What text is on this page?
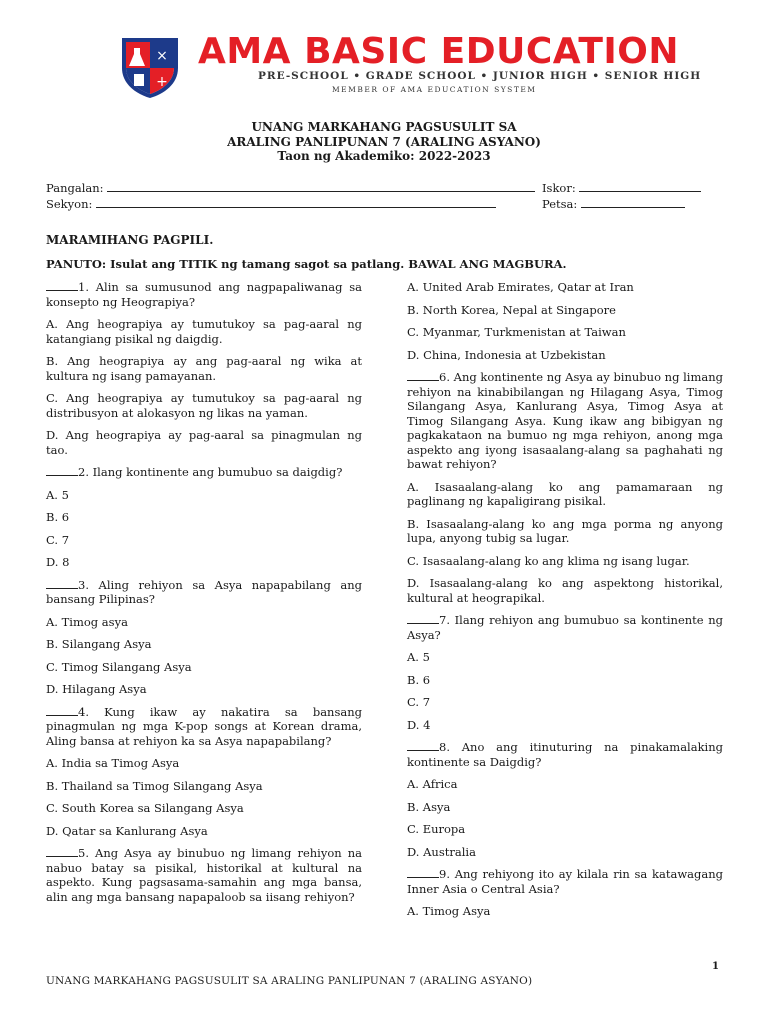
×
+
AMA BASIC EDUCATION
PRE-SCHOOL • GRADE SCHOOL • JUNIOR HIGH • SENIOR HIGH
MEMBER OF AMA EDUCATION SYSTEM
UNANG MARKAHANG PAGSUSULIT SA
ARALING PANLIPUNAN 7 (ARALING ASYANO)
Taon ng Akademiko: 2022-2023
Pangalan:	Iskor:
Sekyon:	Petsa:
MARAMIHANG PAGPILI.
PANUTO: Isulat ang TITIK ng tamang sagot sa patlang. BAWAL ANG MAGBURA.
1. Alin sa sumusunod ang nagpapaliwanag sa konsepto ng Heograpiya?
A. Ang heograpiya ay tumutukoy sa pag-aaral ng katangiang pisikal ng daigdig.
B. Ang heograpiya ay ang pag-aaral ng wika at kultura ng isang pamayanan.
C. Ang heograpiya ay tumutukoy sa pag-aaral ng distribusyon at alokasyon ng likas na yaman.
D. Ang heograpiya ay pag-aaral sa pinagmulan ng tao.
2. Ilang kontinente ang bumubuo sa daigdig?
A. 5
B. 6
C. 7
D. 8
3. Aling rehiyon sa Asya napapabilang ang bansang Pilipinas?
A. Timog asya
B. Silangang Asya
C. Timog Silangang Asya
D. Hilagang Asya
4. Kung ikaw ay nakatira sa bansang pinagmulan ng mga K-pop songs at Korean drama, Aling bansa at rehiyon ka sa Asya napapabilang?
A. India sa Timog Asya
B. Thailand sa Timog Silangang Asya
C. South Korea sa Silangang Asya
D. Qatar sa Kanlurang Asya
5. Ang Asya ay binubuo ng limang rehiyon na nabuo batay sa pisikal, historikal at kultural na aspekto. Kung pagsasama-samahin ang mga bansa, alin ang mga bansang napapaloob sa iisang rehiyon?
A. United Arab Emirates, Qatar at Iran
B. North Korea, Nepal at Singapore
C. Myanmar, Turkmenistan at Taiwan
D. China, Indonesia at Uzbekistan
6. Ang kontinente ng Asya ay binubuo ng limang rehiyon na kinabibilangan ng Hilagang Asya, Timog Silangang Asya, Kanlurang Asya, Timog Asya at Timog Silangang Asya. Kung ikaw ang bibigyan ng pagkakataon na bumuo ng mga rehiyon, anong mga aspekto ang iyong isasaalang-alang sa paghahati ng bawat rehiyon?
A. Isasaalang-alang ko ang pamamaraan ng paglinang ng kapaligirang pisikal.
B. Isasaalang-alang ko ang mga porma ng anyong lupa, anyong tubig sa lugar.
C. Isasaalang-alang ko ang klima ng isang lugar.
D. Isasaalang-alang ko ang aspektong historikal, kultural at heograpikal.
7. Ilang rehiyon ang bumubuo sa kontinente ng Asya?
A. 5
B. 6
C. 7
D. 4
8. Ano ang itinuturing na pinakamalaking kontinente sa Daigdig?
A. Africa
B. Asya
C. Europa
D. Australia
9. Ang rehiyong ito ay kilala rin sa katawagang Inner Asia o Central Asia?
A. Timog Asya
1
UNANG MARKAHANG PAGSUSULIT SA ARALING PANLIPUNAN 7 (ARALING ASYANO)
